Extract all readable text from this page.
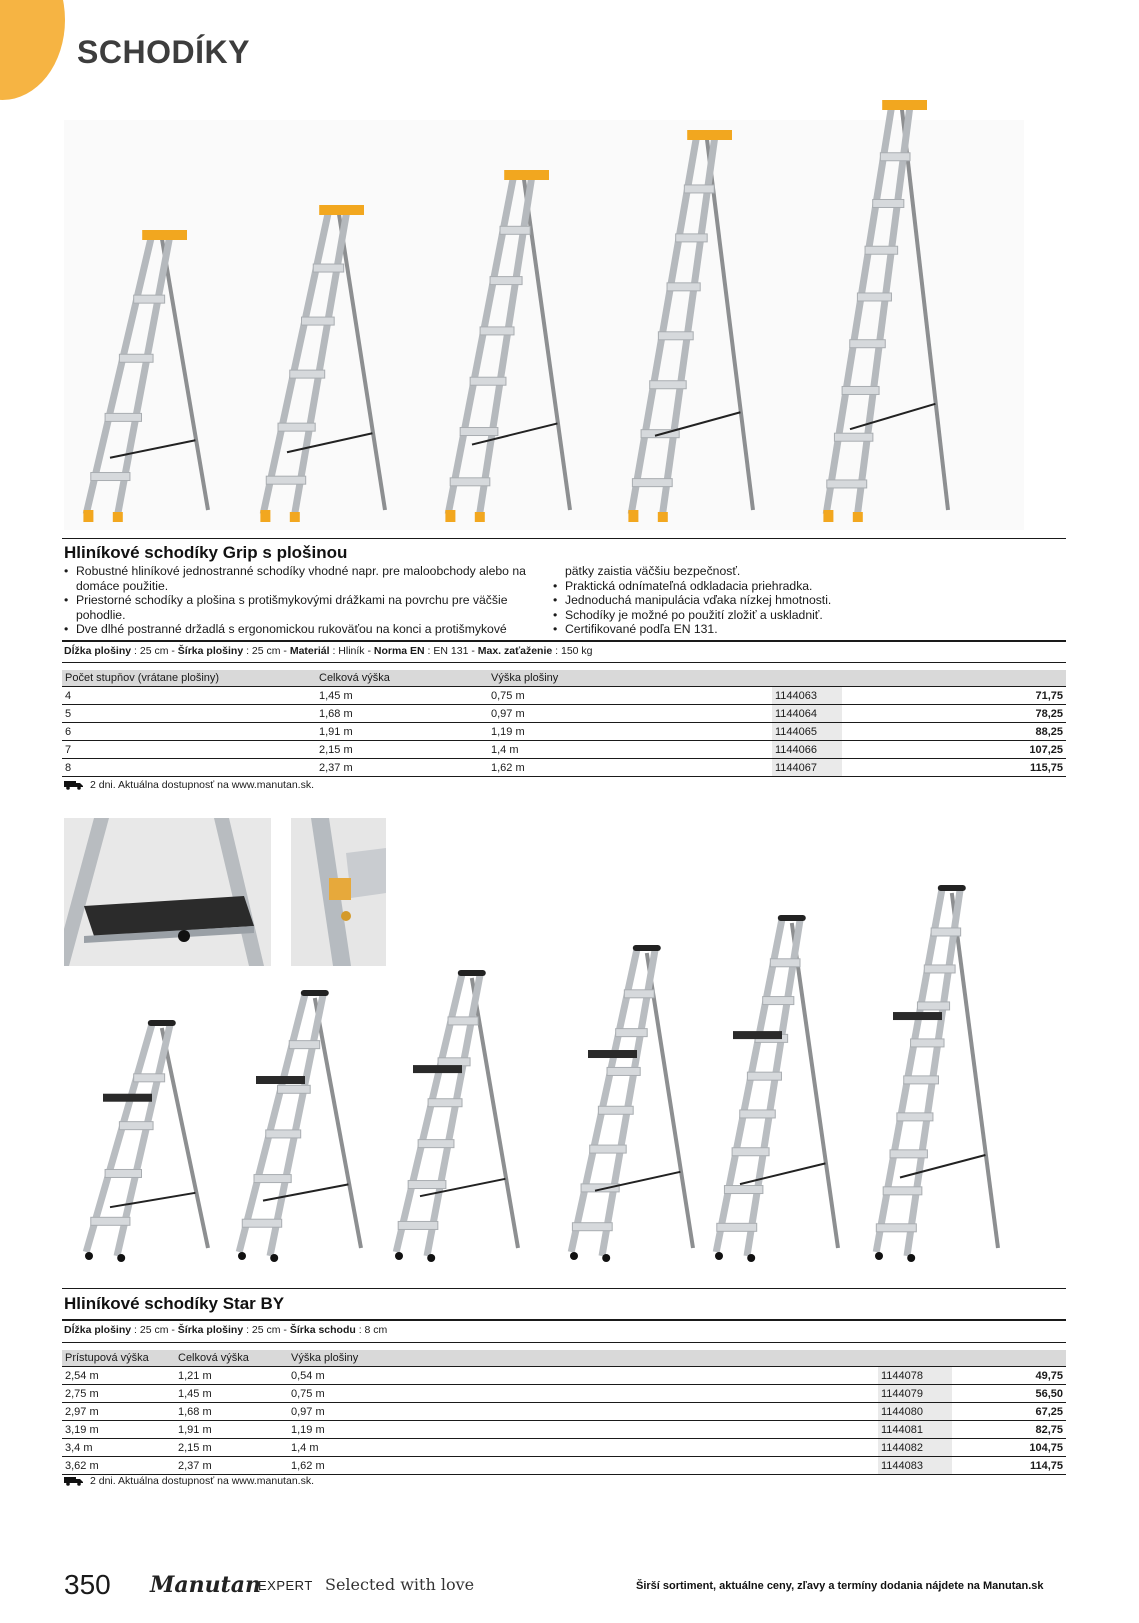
SCHODÍKY
Hliníkové schodíky Grip s plošinou
• Robustné hliníkové jednostranné schodíky vhodné napr. pre maloobchody alebo na domáce použitie.
• Priestorné schodíky a plošina s protišmykovými drážkami na povrchu pre väčšie pohodlie.
• Dve dlhé postranné držadlá s ergonomickou rukoväťou na konci a protišmykové
pätky zaistia väčšiu bezpečnosť.
• Praktická odnímateľná odkladacia priehradka.
• Jednoduchá manipulácia vďaka nízkej hmotnosti.
• Schodíky je možné po použití zložiť a uskladniť.
• Certifikované podľa EN 131.
Dĺžka plošiny : 25 cm - Šírka plošiny : 25 cm - Materiál : Hliník - Norma EN : EN 131 - Max. zaťaženie : 150 kg
Počet stupňov (vrátane plošiny)	Celková výška	Výška plošiny		
4	1,45 m	0,75 m	1144063	71,75
5	1,68 m	0,97 m	1144064	78,25
6	1,91 m	1,19 m	1144065	88,25
7	2,15 m	1,4 m	1144066	107,25
8	2,37 m	1,62 m	1144067	115,75
2 dni. Aktuálna dostupnosť na www.manutan.sk.
Hliníkové schodíky Star BY
Dĺžka plošiny : 25 cm - Šírka plošiny : 25 cm - Šírka schodu : 8 cm
Prístupová výška	Celková výška	Výška plošiny		
2,54 m	1,21 m	0,54 m	1144078	49,75
2,75 m	1,45 m	0,75 m	1144079	56,50
2,97 m	1,68 m	0,97 m	1144080	67,25
3,19 m	1,91 m	1,19 m	1144081	82,75
3,4 m	2,15 m	1,4 m	1144082	104,75
3,62 m	2,37 m	1,62 m	1144083	114,75
2 dni. Aktuálna dostupnosť na www.manutan.sk.
350 Manutan
EXPERT Selected with love	Širší sortiment, aktuálne ceny, zľavy a termíny dodania nájdete na Manutan.sk
